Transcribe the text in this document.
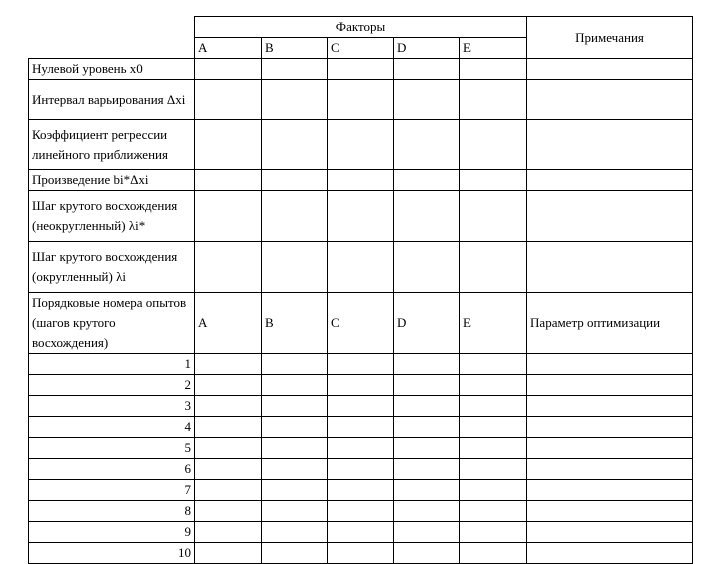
	Факторы					Примечания
	A	B	C	D	E	
Нулевой уровень x0						
Интервал варьирования Δxi						
Коэффициент регрессии линейного приближения						
Произведение bi*Δxi						
Шаг крутого восхождения (неокругленный) λi*						
Шаг крутого восхождения (округленный) λi						
Порядковые номера опытов (шагов крутого восхождения)	A	B	C	D	E	Параметр оптимизации
1						
2						
3						
4						
5						
6						
7						
8						
9						
10						
